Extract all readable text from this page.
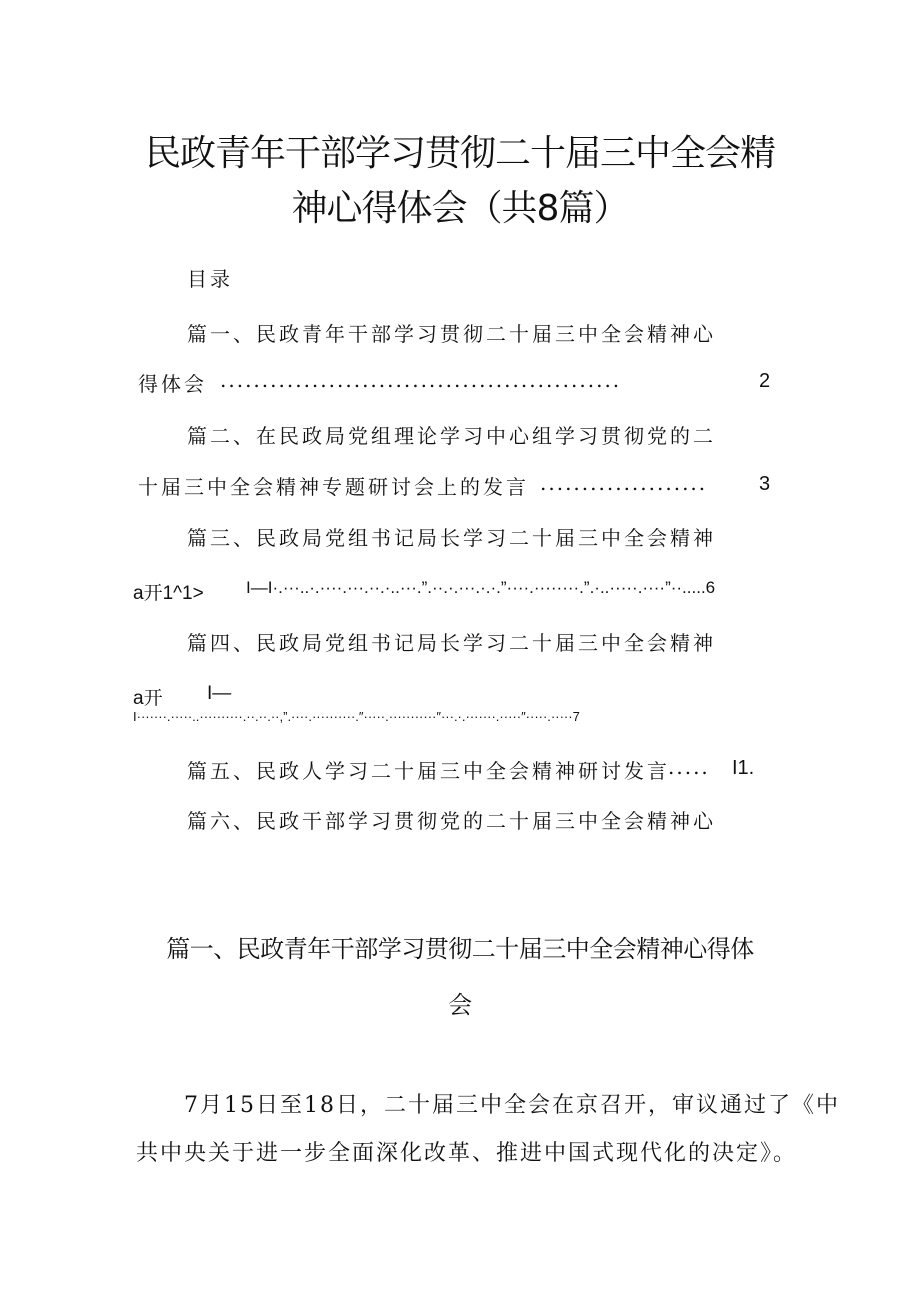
民政青年干部学习贯彻二十届三中全会精
神心得体会（共8篇）
目录
篇一、民政青年干部学习贯彻二十届三中全会精神心
得体会 ................................................	2
篇二、在民政局党组理论学习中心组学习贯彻党的二
十届三中全会精神专题研讨会上的发言 ....................	3
篇三、民政局党组书记局长学习二十届三中全会精神
a开1^1> I—I·.···..·.····.···.··.·..···.”.··.·.···.·.·.”····.········.”.·..·····.····”··.....6
篇四、民政局党组书记局长学习二十届三中全会精神
a开 I—
I·······.·····..··········.··.··.··,”.····.··········.″·····.···········″···.·.·······.·····″·····.·····7
篇五、民政人学习二十届三中全会精神研讨发言
..... I1.
篇六、民政干部学习贯彻党的二十届三中全会精神心
篇一、民政青年干部学习贯彻二十届三中全会精神心得体
会
7月15日至18日，二十届三中全会在京召开，审议通过了《中
共中央关于进一步全面深化改革、推进中国式现代化的决定》。
